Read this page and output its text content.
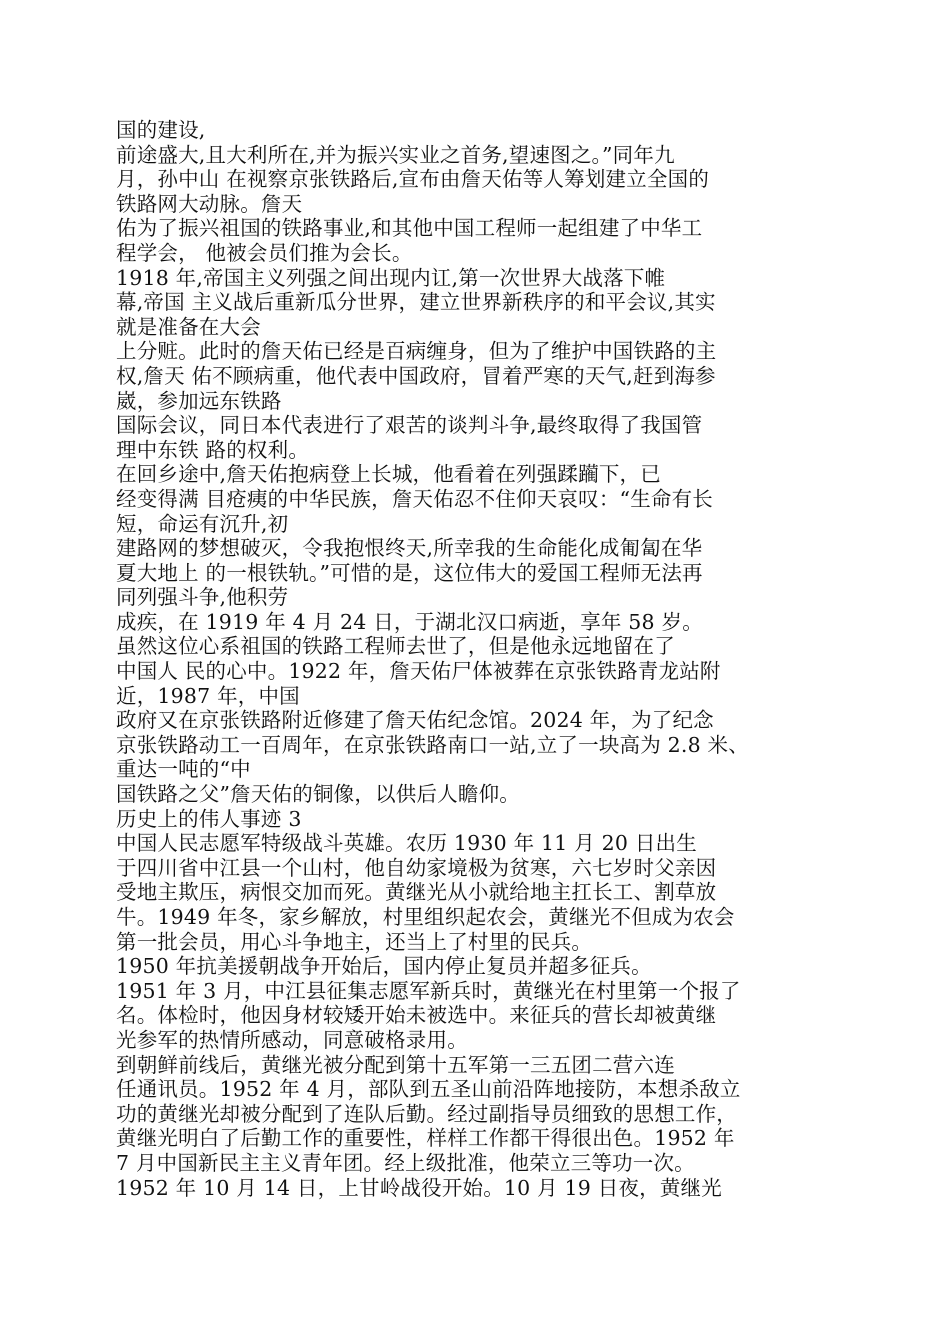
国的建设,
前途盛大,且大利所在,并为振兴实业之首务,望速图之。”同年九
月，孙中山 在视察京张铁路后,宣布由詹天佑等人筹划建立全国的
铁路网大动脉。詹天
佑为了振兴祖国的铁路事业,和其他中国工程师一起组建了中华工
程学会， 他被会员们推为会长。
1918 年,帝国主义列强之间出现内讧,第一次世界大战落下帷
幕,帝国 主义战后重新瓜分世界，建立世界新秩序的和平会议,其实
就是准备在大会
上分赃。此时的詹天佑已经是百病缠身，但为了维护中国铁路的主
权,詹天 佑不顾病重，他代表中国政府，冒着严寒的天气,赶到海参
崴，参加远东铁路
国际会议，同日本代表进行了艰苦的谈判斗争,最终取得了我国管
理中东铁 路的权利。
在回乡途中,詹天佑抱病登上长城，他看着在列强蹂躏下，已
经变得满 目疮痍的中华民族，詹天佑忍不住仰天哀叹：“生命有长
短，命运有沉升,初
建路网的梦想破灭，令我抱恨终天,所幸我的生命能化成匍匐在华
夏大地上 的一根铁轨。”可惜的是，这位伟大的爱国工程师无法再
同列强斗争,他积劳
成疾，在 1919 年 4 月 24 日，于湖北汉口病逝，享年 58 岁。
虽然这位心系祖国的铁路工程师去世了，但是他永远地留在了
中国人 民的心中。1922 年，詹天佑尸体被葬在京张铁路青龙站附
近，1987 年，中国
政府又在京张铁路附近修建了詹天佑纪念馆。2024 年，为了纪念
京张铁路动工一百周年，在京张铁路南口一站,立了一块高为 2.8 米、
重达一吨的“中
国铁路之父”詹天佑的铜像，以供后人瞻仰。
历史上的伟人事迹 3
中国人民志愿军特级战斗英雄。农历 1930 年 11 月 20 日出生
于四川省中江县一个山村，他自幼家境极为贫寒，六七岁时父亲因
受地主欺压，病恨交加而死。黄继光从小就给地主扛长工、割草放
牛。1949 年冬，家乡解放，村里组织起农会，黄继光不但成为农会
第一批会员，用心斗争地主，还当上了村里的民兵。
1950 年抗美援朝战争开始后，国内停止复员并超多征兵。
1951 年 3 月，中江县征集志愿军新兵时，黄继光在村里第一个报了
名。体检时，他因身材较矮开始未被选中。来征兵的营长却被黄继
光参军的热情所感动，同意破格录用。
到朝鲜前线后，黄继光被分配到第十五军第一三五团二营六连
任通讯员。1952 年 4 月，部队到五圣山前沿阵地接防，本想杀敌立
功的黄继光却被分配到了连队后勤。经过副指导员细致的思想工作，
黄继光明白了后勤工作的重要性，样样工作都干得很出色。1952 年
7 月中国新民主主义青年团。经上级批准，他荣立三等功一次。
1952 年 10 月 14 日，上甘岭战役开始。10 月 19 日夜，黄继光
